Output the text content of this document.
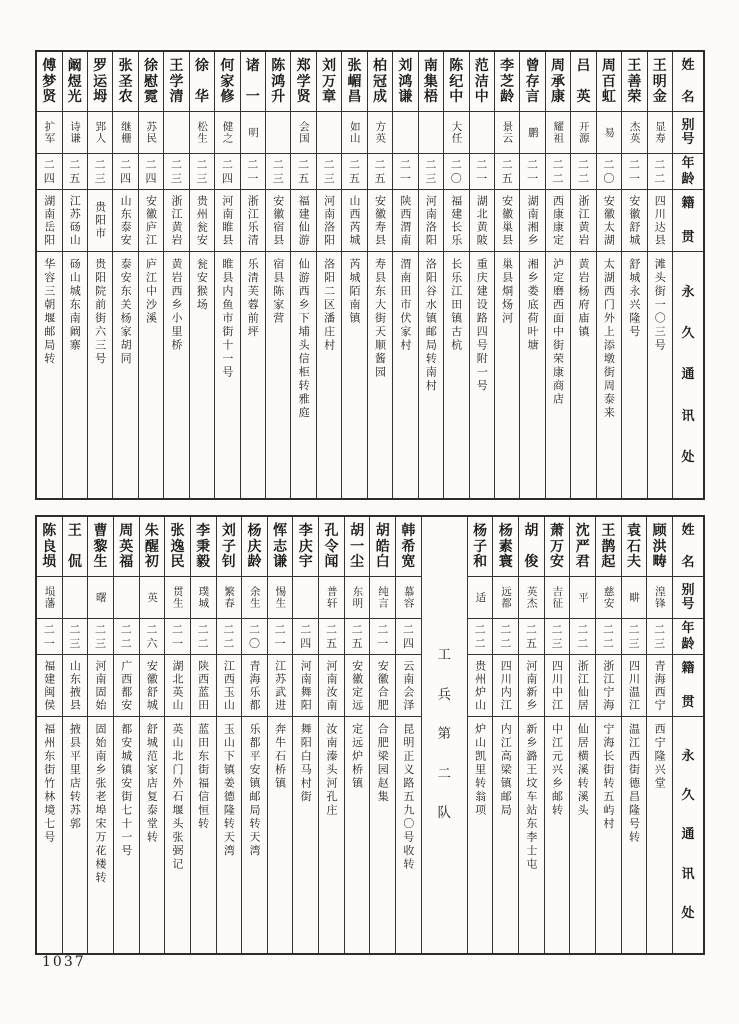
姓
名
别
号
年
龄
籍
贯
永
久
通
讯
处
王
明
金
显寿
二
二
四川达县
滩头街一〇三号
王
善
荣
杰英
二
一
安徽舒城
舒城永兴隆号
周
百
虹
易
二
〇
安徽太湖
太湖西门外上添墩街周泰来
吕
英
开源
二
二
浙江黄岩
黄岩杨府庙镇
周
承
康
耀祖
二
二
西康康定
泸定磨西面中街荣康商店
曾
存
言
鹏
二
一
湖南湘乡
湘乡娄底荷叶塘
李
芝
龄
景云
二
五
安徽巢县
巢县烔炀河
范
洁
中
二
一
湖北黄陂
重庆建设路四号附一号
陈
纪
中
大任
二
〇
福建长乐
长乐江田镇古杭
南
集
梧
二
三
河南洛阳
洛阳谷水镇邮局转南村
刘
鸿
谦
二
一
陕西渭南
渭南田市伏家村
柏
冠
成
方英
二
五
安徽寿县
寿县东大街天顺酱园
张
嵋
昌
如山
二
五
山西芮城
芮城陌南镇
刘
万
章
二
三
河南洛阳
洛阳二区潘庄村
郑
学
贤
会国
二
五
福建仙游
仙游西乡下埔头信柜转雅庭
陈
鸿
升
二
三
安徽宿县
宿县陈家营
诸
一
明
二
一
浙江乐清
乐清芙蓉前坪
何
家
修
健之
二
四
河南睢县
睢县内鱼市街十一号
徐
华
松生
二
三
贵州瓮安
瓮安猴场
王
学
清
二
三
浙江黄岩
黄岩西乡小里桥
徐
慰
霓
苏民
二
四
安徽庐江
庐江中沙溪
张
圣
农
继栅
二
四
山东泰安
泰安东关杨家胡同
罗
运
坶
郢人
二
三
贵阳市
贵阳院前街六三号
阚
煜
光
诗谦
二
五
江苏砀山
砀山城东南阚寨
傅
梦
贤
扩军
二
四
湖南岳阳
华容三朝堰邮局转
姓
名
别
号
年
龄
籍
贯
永
久
通
讯
处
顾
洪
畴
湟锋
二
三
青海西宁
西宁隆兴堂
袁
石
夫
畊
二
三
四川温江
温江西街德昌隆号转
王
鹊
起
慈安
二
二
浙江宁海
宁海长街转五屿村
沈
严
君
平
二
二
浙江仙居
仙居横溪转溪头
萧
万
安
吉征
二
三
四川中江
中江元兴乡邮转
胡
俊
英杰
二
五
河南新乡
新乡潞王坟车站东李士屯
杨
素
寰
远都
二
二
四川内江
内江高梁镇邮局
杨
子
和
适
二
二
贵州炉山
炉山凯里转翁项
工
兵
第
二
队
韩
希
宽
慕容
二
四
云南会泽
昆明正义路五九〇号收转
胡
皓
白
纯言
二
一
安徽合肥
合肥梁园赵集
胡
一
尘
东明
二
五
安徽定远
定远炉桥镇
孔
令
闻
普轩
二
五
河南汝南
汝南溱头河孔庄
李
庆
宇
二
四
河南舞阳
舞阳白马村街
恽
志
谦
惕生
二
一
江苏武进
奔牛石桥镇
杨
庆
龄
余生
二
〇
青海乐都
乐都平安镇邮局转天湾
刘
子
钊
繁春
二
二
江西玉山
玉山下镇姜德隆转天湾
李
秉
毅
璞城
二
二
陕西蓝田
蓝田东街福信恒转
张
逸
民
贯生
二
一
湖北英山
英山北门外石堰头张弼记
朱
醒
初
英
二
六
安徽舒城
舒城范家店复泰堂转
周
英
福
二
二
广西都安
都安城镇安街七十一号
曹
黎
生
曙
二
三
河南固始
固始南乡张老埠宋万花楼转
王
侃
二
三
山东掖县
掖县平里店转苏郭
陈
良
埙
埙藩
二
一
福建闽侯
福州东街竹林境七号
1037
